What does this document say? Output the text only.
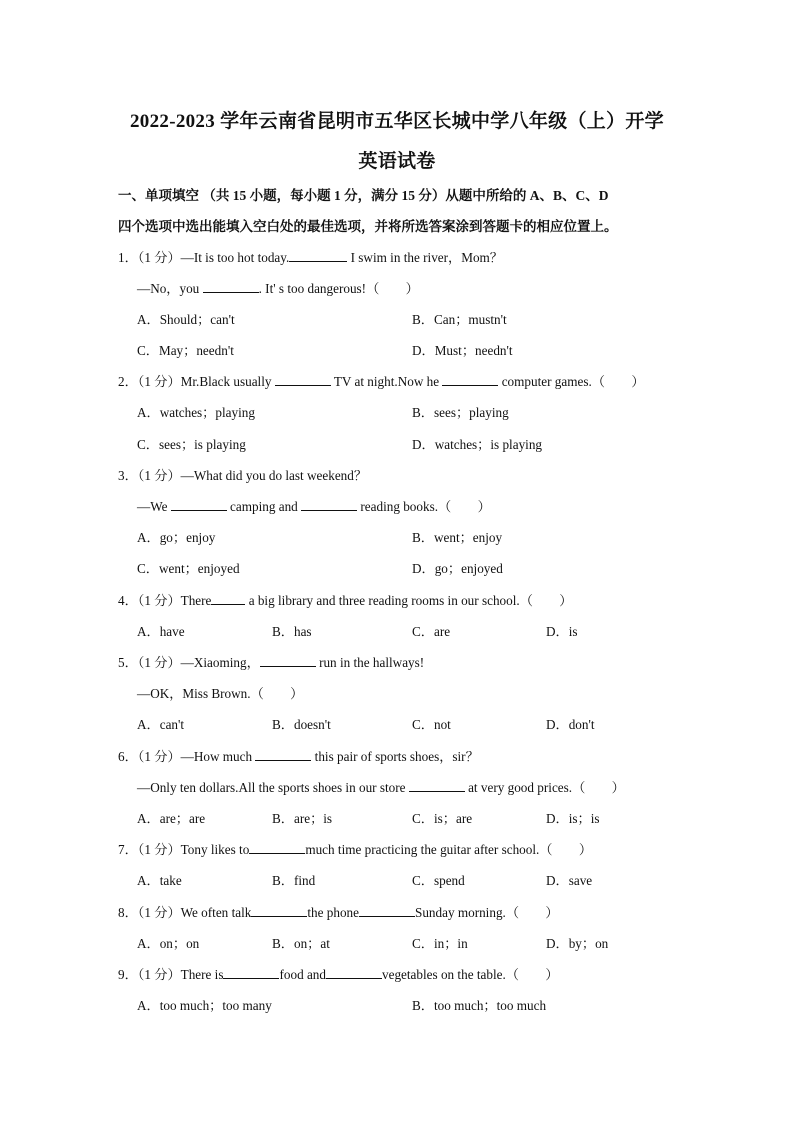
2022-2023 学年云南省昆明市五华区长城中学八年级（上）开学
英语试卷
一、单项填空 （共 15 小题，每小题 1 分，满分 15 分）从题中所给的 A、B、C、D
四个选项中选出能填入空白处的最佳选项，并将所选答案涂到答题卡的相应位置上。
1．（1 分）—It is too hot today.	I swim in the river，Mom？
—No，you	. It' s too dangerous!（　　）
A．Should；can't	B．Can；mustn't
C．May；needn't	D．Must；needn't
2．（1 分）Mr.Black usually	TV at night.Now he	computer games.（　　）
A．watches；playing	B．sees；playing
C．sees；is playing	D．watches；is playing
3．（1 分）—What did you do last weekend？
—We	camping and	reading books.（　　）
A．go；enjoy	B．went；enjoy
C．went；enjoyed	D．go；enjoyed
4．（1 分）There	a big library and three reading rooms in our school.（　　）
A．have	B．has	C．are	D．is
5．（1 分）—Xiaoming，	run in the hallways!
—OK，Miss Brown.（　　）
A．can't	B．doesn't	C．not	D．don't
6．（1 分）—How much	this pair of sports shoes，sir？
—Only ten dollars.All the sports shoes in our store	at very good prices.（　　）
A．are；are	B．are；is	C．is；are	D．is；is
7．（1 分）Tony likes to	much time practicing the guitar after school.（　　）
A．take	B．find	C．spend	D．save
8．（1 分）We often talk	the phone	Sunday morning.（　　）
A．on；on	B．on；at	C．in；in	D．by；on
9．（1 分）There is	food and	vegetables on the table.（　　）
A．too much；too many	B．too much；too much
